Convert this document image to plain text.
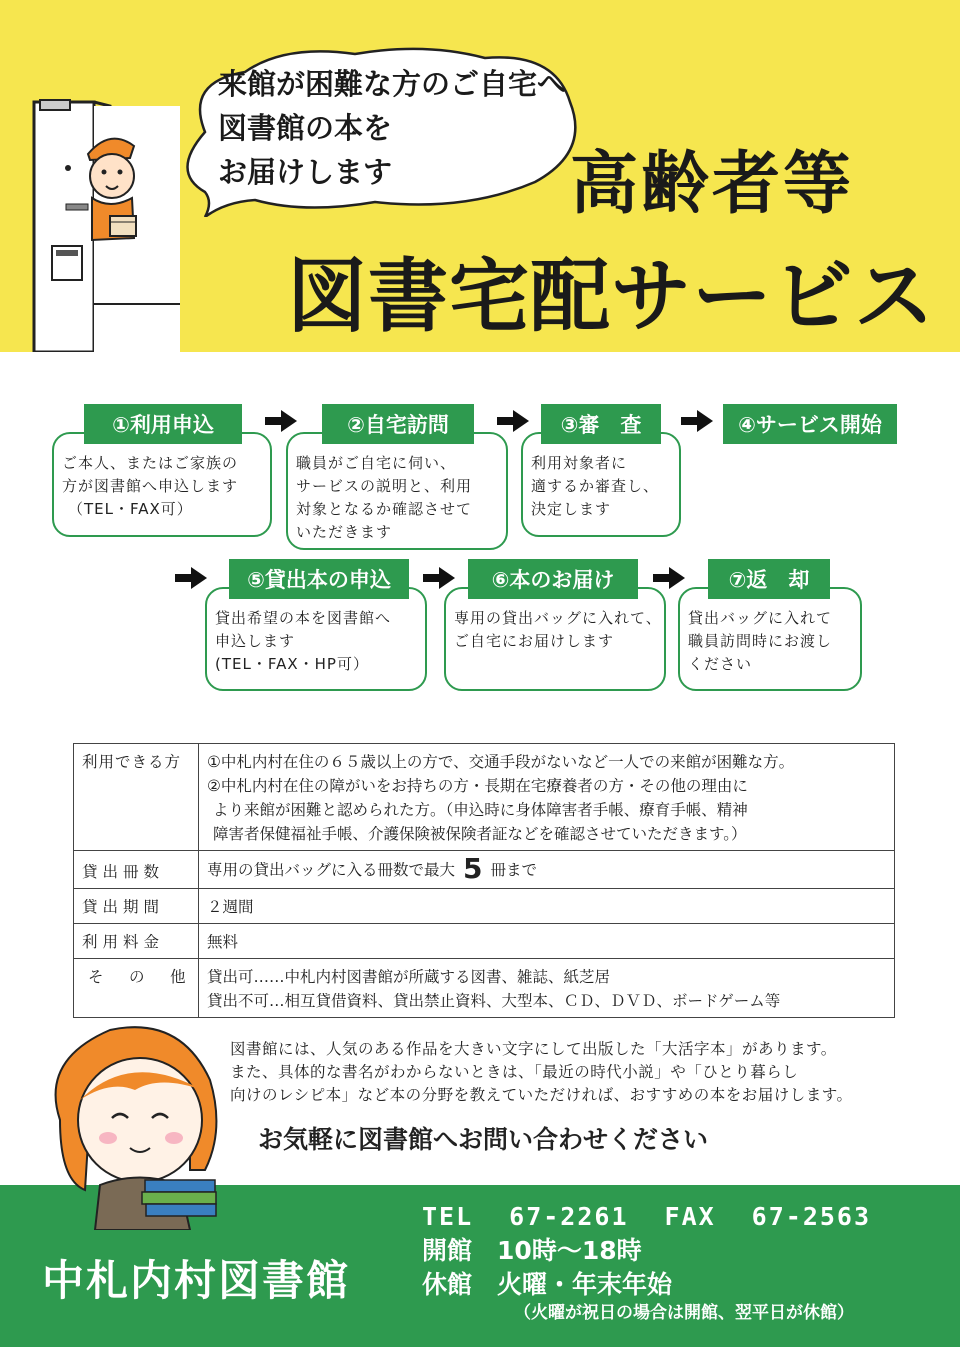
来館が困難な方のご自宅へ
図書館の本を
お届けします	高齢者等
図書宅配サービス
①利用申込
ご本人、またはご家族の
方が図書館へ申込します
（TEL・FAX可）
②自宅訪問
職員がご自宅に伺い、
サービスの説明と、利用
対象となるか確認させて
いただきます
③審　査
利用対象者に
適するか審査し、
決定します
④サービス開始
⑤貸出本の申込
貸出希望の本を図書館へ
申込します
(TEL・FAX・HP可）
⑥本のお届け
専用の貸出バッグに入れて、
ご自宅にお届けします
⑦返　却
貸出バッグに入れて
職員訪問時にお渡し
ください
利用できる方	①中札内村在住の６５歳以上の方で、交通手段がないなど一人での来館が困難な方。
②中札内村在住の障がいをお持ちの方・長期在宅療養者の方・その他の理由に
より来館が困難と認められた方。（申込時に身体障害者手帳、療育手帳、精神
障害者保健福祉手帳、介護保険被保険者証などを確認させていただきます。）

貸出冊数	専用の貸出バッグに入る冊数で最大 5 冊まで
貸出期間	２週間
利用料金	無料
そ　の　他	貸出可……中札内村図書館が所蔵する図書、雑誌、紙芝居
貸出不可…相互貸借資料、貸出禁止資料、大型本、ＣＤ、ＤＶＤ、ボードゲーム等
図書館には、人気のある作品を大きい文字にして出版した「大活字本」があります。
また、具体的な書名がわからないときは、「最近の時代小説」や「ひとり暮らし
向けのレシピ本」など本の分野を教えていただければ、おすすめの本をお届けします。
お気軽に図書館へお問い合わせください
中札内村図書館
TEL 67-2261 FAX 67-2563
開館　 10時～18時
休館　 火曜・年末年始
（火曜が祝日の場合は開館、翌平日が休館）
